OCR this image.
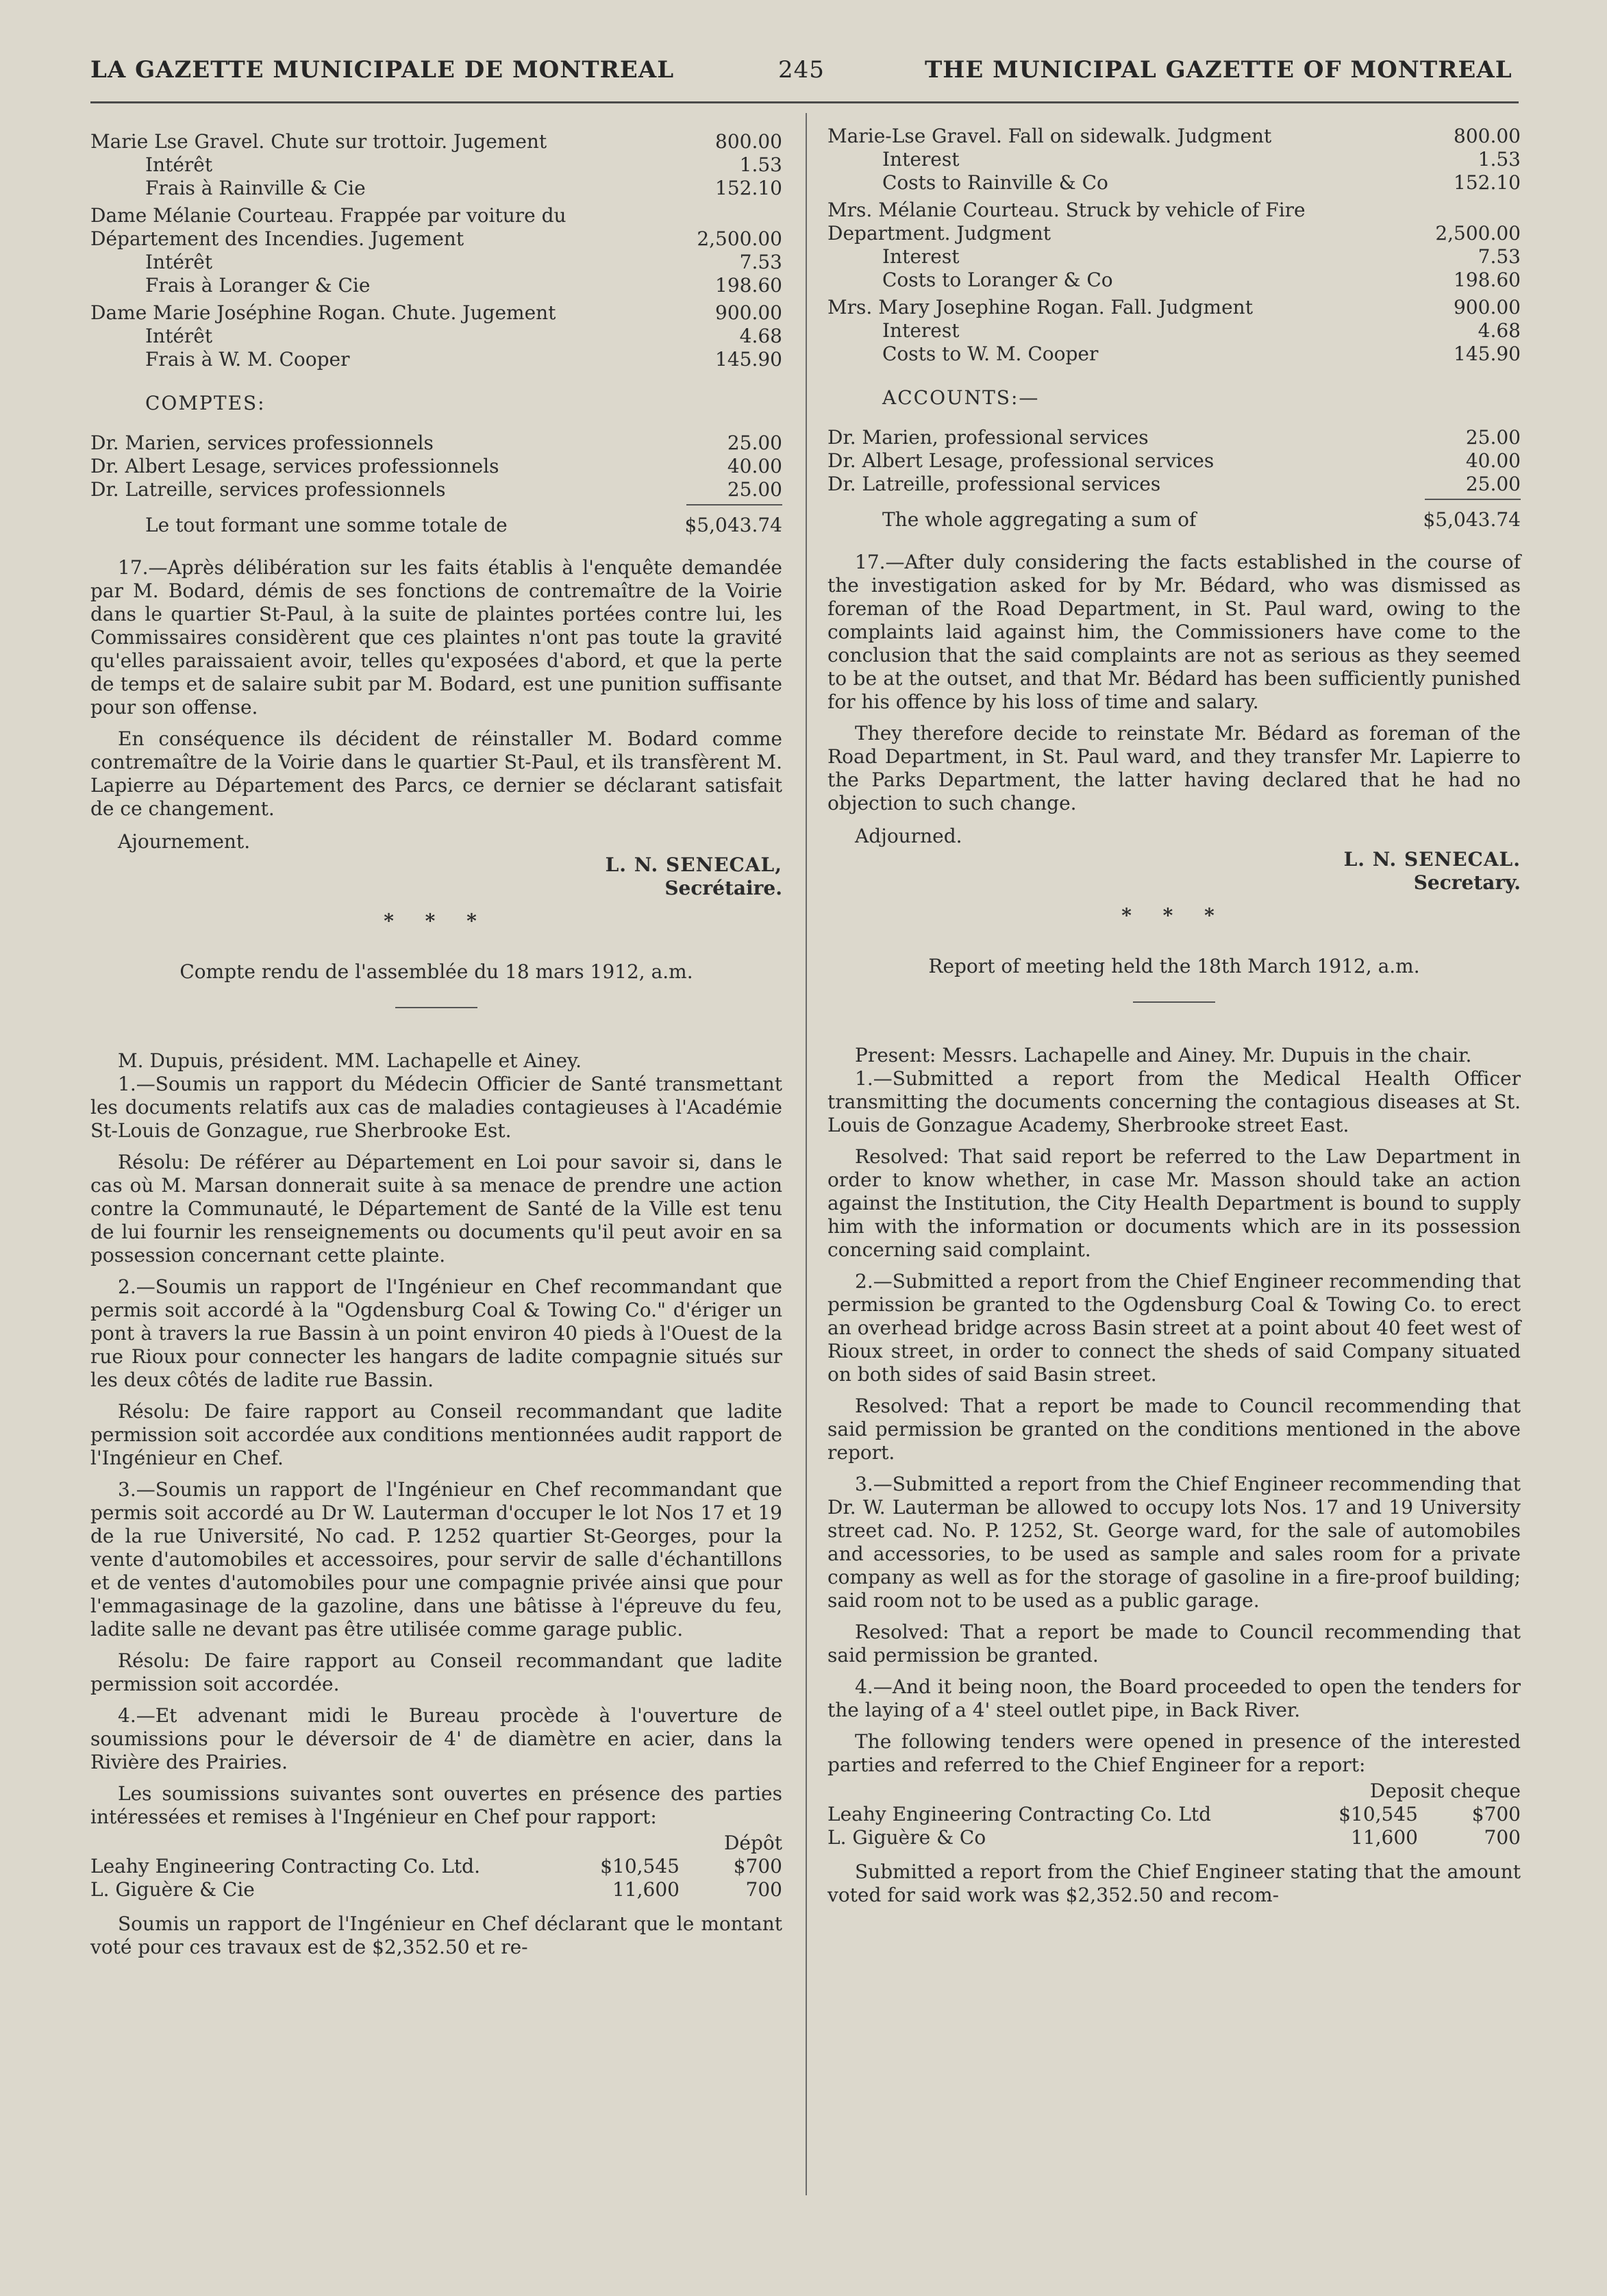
LA GAZETTE MUNICIPALE DE MONTREAL	245	THE MUNICIPAL GAZETTE OF MONTREAL
Marie Lse Gravel. Chute sur trottoir. Jugement	800.00
Intérêt	1.53
Frais à Rainville & Cie	152.10
Dame Mélanie Courteau. Frappée par voiture du Département des Incendies. Jugement	2,500.00
Intérêt	7.53
Frais à Loranger & Cie	198.60
Dame Marie Joséphine Rogan. Chute. Jugement	900.00
Intérêt	4.68
Frais à W. M. Cooper	145.90
COMPTES:
Dr. Marien, services professionnels	25.00
Dr. Albert Lesage, services professionnels	40.00
Dr. Latreille, services professionnels	25.00
Le tout formant une somme totale de	$5,043.74

17.—Après délibération sur les faits établis à l'enquête demandée par M. Bodard, démis de ses fonctions de contremaître de la Voirie dans le quartier St-Paul, à la suite de plaintes portées contre lui, les Commissaires considèrent que ces plaintes n'ont pas toute la gravité qu'elles paraissaient avoir, telles qu'exposées d'abord, et que la perte de temps et de salaire subit par M. Bodard, est une punition suffisante pour son offense.

En conséquence ils décident de réinstaller M. Bodard comme contremaître de la Voirie dans le quartier St-Paul, et ils transfèrent M. Lapierre au Département des Parcs, ce dernier se déclarant satisfait de ce changement.

Ajournement.
L. N. SENECAL,
Secrétaire.
* * *
Compte rendu de l'assemblée du 18 mars 1912, a.m.

M. Dupuis, président. MM. Lachapelle et Ainey.

1.—Soumis un rapport du Médecin Officier de Santé transmettant les documents relatifs aux cas de maladies contagieuses à l'Académie St-Louis de Gonzague, rue Sherbrooke Est.

Résolu: De référer au Département en Loi pour savoir si, dans le cas où M. Marsan donnerait suite à sa menace de prendre une action contre la Communauté, le Département de Santé de la Ville est tenu de lui fournir les renseignements ou documents qu'il peut avoir en sa possession concernant cette plainte.

2.—Soumis un rapport de l'Ingénieur en Chef recommandant que permis soit accordé à la "Ogdensburg Coal & Towing Co." d'ériger un pont à travers la rue Bassin à un point environ 40 pieds à l'Ouest de la rue Rioux pour connecter les hangars de ladite compagnie situés sur les deux côtés de ladite rue Bassin.

Résolu: De faire rapport au Conseil recommandant que ladite permission soit accordée aux conditions mentionnées audit rapport de l'Ingénieur en Chef.

3.—Soumis un rapport de l'Ingénieur en Chef recommandant que permis soit accordé au Dr W. Lauterman d'occuper le lot Nos 17 et 19 de la rue Université, No cad. P. 1252 quartier St-Georges, pour la vente d'automobiles et accessoires, pour servir de salle d'échantillons et de ventes d'automobiles pour une compagnie privée ainsi que pour l'emmagasinage de la gazoline, dans une bâtisse à l'épreuve du feu, ladite salle ne devant pas être utilisée comme garage public.

Résolu: De faire rapport au Conseil recommandant que ladite permission soit accordée.

4.—Et advenant midi le Bureau procède à l'ouverture de soumissions pour le déversoir de 4' de diamètre en acier, dans la Rivière des Prairies.

Les soumissions suivantes sont ouvertes en présence des parties intéressées et remises à l'Ingénieur en Chef pour rapport:

Dépôt
Leahy Engineering Contracting Co. Ltd.	$10,545	$700
L. Giguère & Cie	11,600	700

Soumis un rapport de l'Ingénieur en Chef déclarant que le montant voté pour ces travaux est de $2,352.50 et re-

Marie-Lse Gravel. Fall on sidewalk. Judgment	800.00
Interest	1.53
Costs to Rainville & Co	152.10
Mrs. Mélanie Courteau. Struck by vehicle of Fire Department. Judgment	2,500.00
Interest	7.53
Costs to Loranger & Co	198.60
Mrs. Mary Josephine Rogan. Fall. Judgment	900.00
Interest	4.68
Costs to W. M. Cooper	145.90
ACCOUNTS:—
Dr. Marien, professional services	25.00
Dr. Albert Lesage, professional services	40.00
Dr. Latreille, professional services	25.00
The whole aggregating a sum of	$5,043.74

17.—After duly considering the facts established in the course of the investigation asked for by Mr. Bédard, who was dismissed as foreman of the Road Department, in St. Paul ward, owing to the complaints laid against him, the Commissioners have come to the conclusion that the said complaints are not as serious as they seemed to be at the outset, and that Mr. Bédard has been sufficiently punished for his offence by his loss of time and salary.

They therefore decide to reinstate Mr. Bédard as foreman of the Road Department, in St. Paul ward, and they transfer Mr. Lapierre to the Parks Department, the latter having declared that he had no objection to such change.

Adjourned.
L. N. SENECAL.
Secretary.
* * *
Report of meeting held the 18th March 1912, a.m.

Present: Messrs. Lachapelle and Ainey. Mr. Dupuis in the chair.

1.—Submitted a report from the Medical Health Officer transmitting the documents concerning the contagious diseases at St. Louis de Gonzague Academy, Sherbrooke street East.

Resolved: That said report be referred to the Law Department in order to know whether, in case Mr. Masson should take an action against the Institution, the City Health Department is bound to supply him with the information or documents which are in its possession concerning said complaint.

2.—Submitted a report from the Chief Engineer recommending that permission be granted to the Ogdensburg Coal & Towing Co. to erect an overhead bridge across Basin street at a point about 40 feet west of Rioux street, in order to connect the sheds of said Company situated on both sides of said Basin street.

Resolved: That a report be made to Council recommending that said permission be granted on the conditions mentioned in the above report.

3.—Submitted a report from the Chief Engineer recommending that Dr. W. Lauterman be allowed to occupy lots Nos. 17 and 19 University street cad. No. P. 1252, St. George ward, for the sale of automobiles and accessories, to be used as sample and sales room for a private company as well as for the storage of gasoline in a fire-proof building; said room not to be used as a public garage.

Resolved: That a report be made to Council recommending that said permission be granted.

4.—And it being noon, the Board proceeded to open the tenders for the laying of a 4' steel outlet pipe, in Back River.

The following tenders were opened in presence of the interested parties and referred to the Chief Engineer for a report:

Deposit cheque
Leahy Engineering Contracting Co. Ltd	$10,545	$700
L. Giguère & Co	11,600	700

Submitted a report from the Chief Engineer stating that the amount voted for said work was $2,352.50 and recom-
